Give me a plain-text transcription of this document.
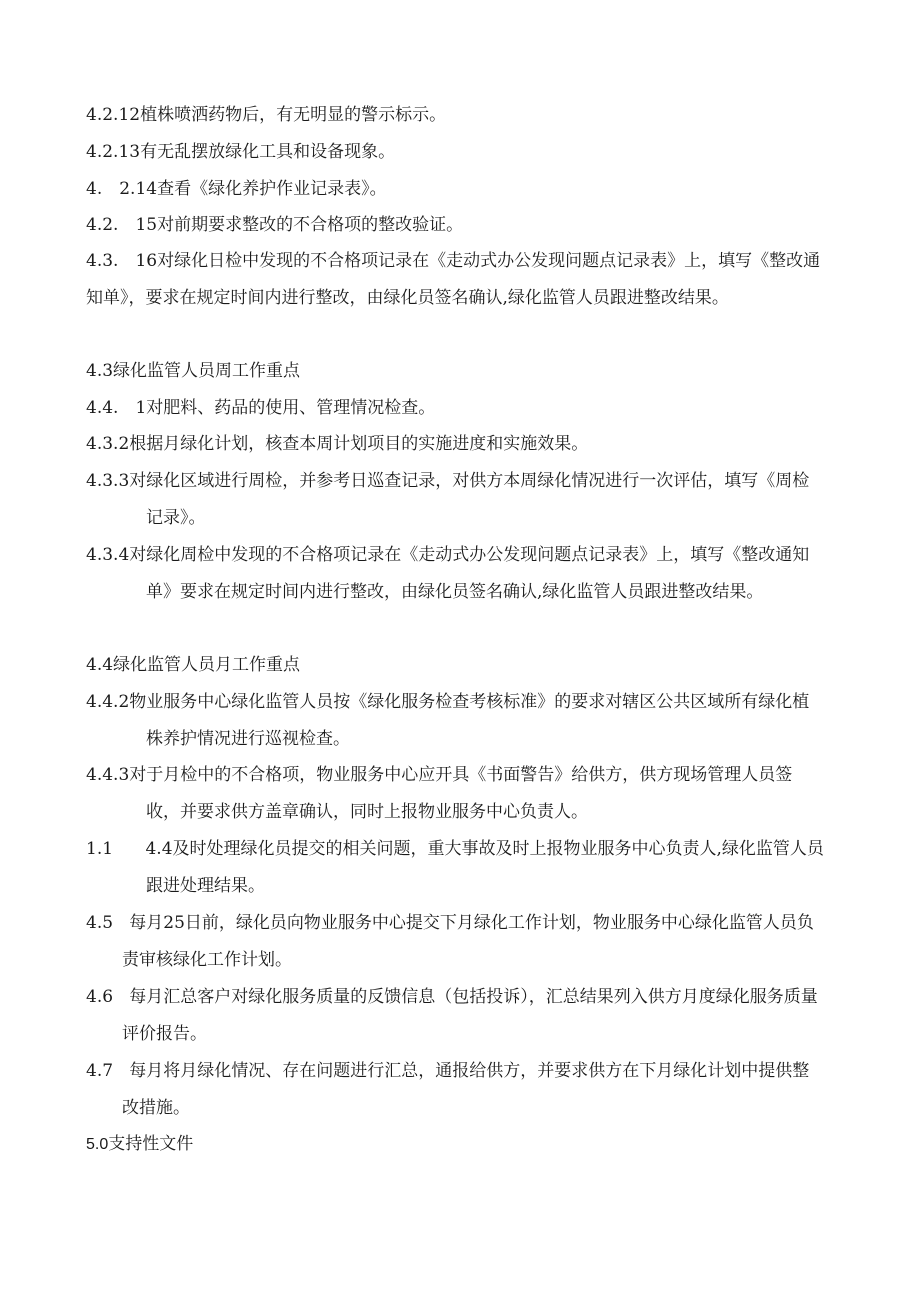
4.2.12植株喷洒药物后，有无明显的警示标示。
4.2.13有无乱摆放绿化工具和设备现象。
4.　2.14查看《绿化养护作业记录表》。
4.2.　15对前期要求整改的不合格项的整改验证。
4.3.　16对绿化日检中发现的不合格项记录在《走动式办公发现问题点记录表》上，填写《整改通知单》，要求在规定时间内进行整改，由绿化员签名确认,绿化监管人员跟进整改结果。
4.3绿化监管人员周工作重点
4.4.　1对肥料、药品的使用、管理情况检查。
4.3.2根据月绿化计划，核查本周计划项目的实施进度和实施效果。
4.3.3对绿化区域进行周检，并参考日巡查记录，对供方本周绿化情况进行一次评估，填写《周检记录》。
4.3.4对绿化周检中发现的不合格项记录在《走动式办公发现问题点记录表》上，填写《整改通知单》要求在规定时间内进行整改，由绿化员签名确认,绿化监管人员跟进整改结果。
4.4绿化监管人员月工作重点
4.4.2物业服务中心绿化监管人员按《绿化服务检查考核标准》的要求对辖区公共区域所有绿化植株养护情况进行巡视检查。
4.4.3对于月检中的不合格项，物业服务中心应开具《书面警告》给供方，供方现场管理人员签收，并要求供方盖章确认，同时上报物业服务中心负责人。
1.1 4.4及时处理绿化员提交的相关问题，重大事故及时上报物业服务中心负责人,绿化监管人员跟进处理结果。
4.5 每月25日前，绿化员向物业服务中心提交下月绿化工作计划，物业服务中心绿化监管人员负责审核绿化工作计划。
4.6 每月汇总客户对绿化服务质量的反馈信息（包括投诉），汇总结果列入供方月度绿化服务质量评价报告。
4.7 每月将月绿化情况、存在问题进行汇总，通报给供方，并要求供方在下月绿化计划中提供整改措施。
5.0支持性文件
